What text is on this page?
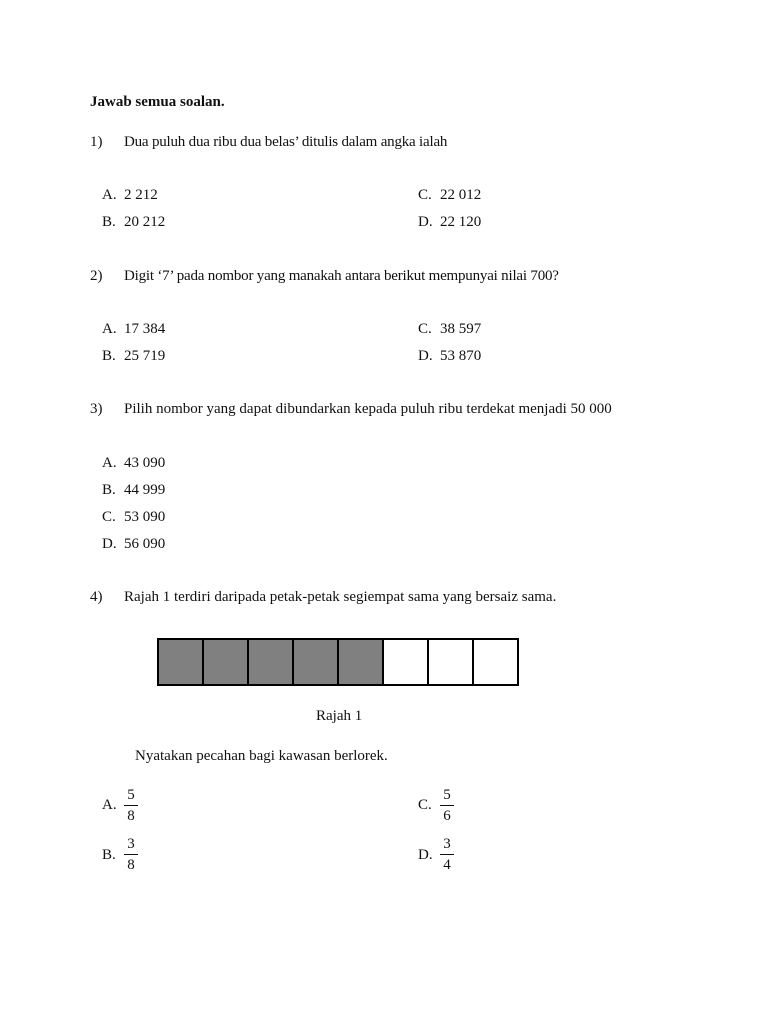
Jawab semua soalan.
1) Dua puluh dua ribu dua belas’ ditulis dalam angka ialah
A. 2 212
B. 20 212
C. 22 012
D. 22 120
2) Digit ‘7’ pada nombor yang manakah antara berikut mempunyai nilai 700?
A. 17 384
B. 25 719
C. 38 597
D. 53 870
3) Pilih nombor yang dapat dibundarkan kepada puluh ribu terdekat menjadi 50 000
A. 43 090
B. 44 999
C. 53 090
D. 56 090
4) Rajah 1 terdiri daripada petak-petak segiempat sama yang bersaiz sama.
Rajah 1
Nyatakan pecahan bagi kawasan berlorek.
A.
5
8
B.
3
8
C.
5
6
D.
3
4
